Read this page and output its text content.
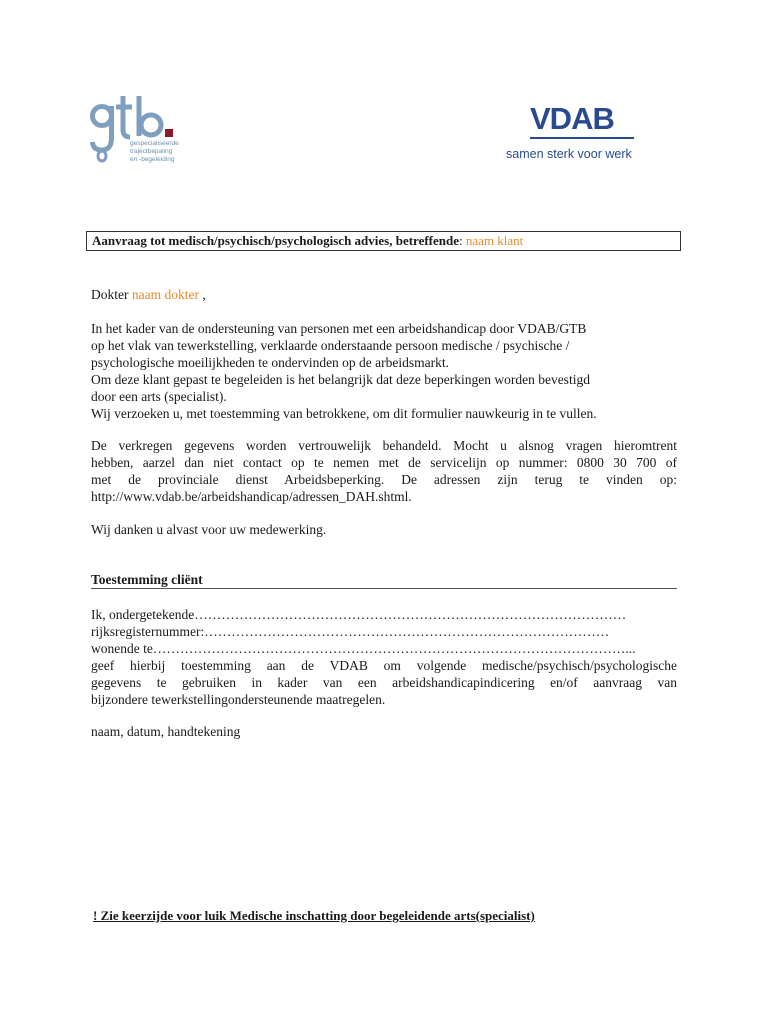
gespecialiseerde
trajectbepaling
en -begeleiding
VDAB
samen sterk voor werk
Aanvraag tot medisch/psychisch/psychologisch advies, betreffende: naam klant
Dokter naam dokter ,
In het kader van de ondersteuning van personen met een arbeidshandicap door VDAB/GTB
op het vlak van tewerkstelling, verklaarde onderstaande persoon medische / psychische /
psychologische moeilijkheden te ondervinden op de arbeidsmarkt.
Om deze klant gepast te begeleiden is het belangrijk dat deze beperkingen worden bevestigd
door een arts (specialist).
Wij verzoeken u, met toestemming van betrokkene, om dit formulier nauwkeurig in te vullen.
De verkregen gegevens worden vertrouwelijk behandeld. Mocht u alsnog vragen hieromtrent
hebben, aarzel dan niet contact op te nemen met de servicelijn op nummer: 0800 30 700 of
met de provinciale dienst Arbeidsbeperking. De adressen zijn terug te vinden op:
http://www.vdab.be/arbeidshandicap/adressen_DAH.shtml.
Wij danken u alvast voor uw medewerking.
Toestemming cliënt
Ik, ondergetekende……………………………………………………………………………………
rijksregisternummer:………………………………………………………………………………
wonende te……………………………………………………………………………………………...
geef hierbij toestemming aan de VDAB om volgende medische/psychisch/psychologische
gegevens te gebruiken in kader van een arbeidshandicapindicering en/of aanvraag van
bijzondere tewerkstellingondersteunende maatregelen.
naam, datum, handtekening
! Zie keerzijde voor luik Medische inschatting door begeleidende arts(specialist)
